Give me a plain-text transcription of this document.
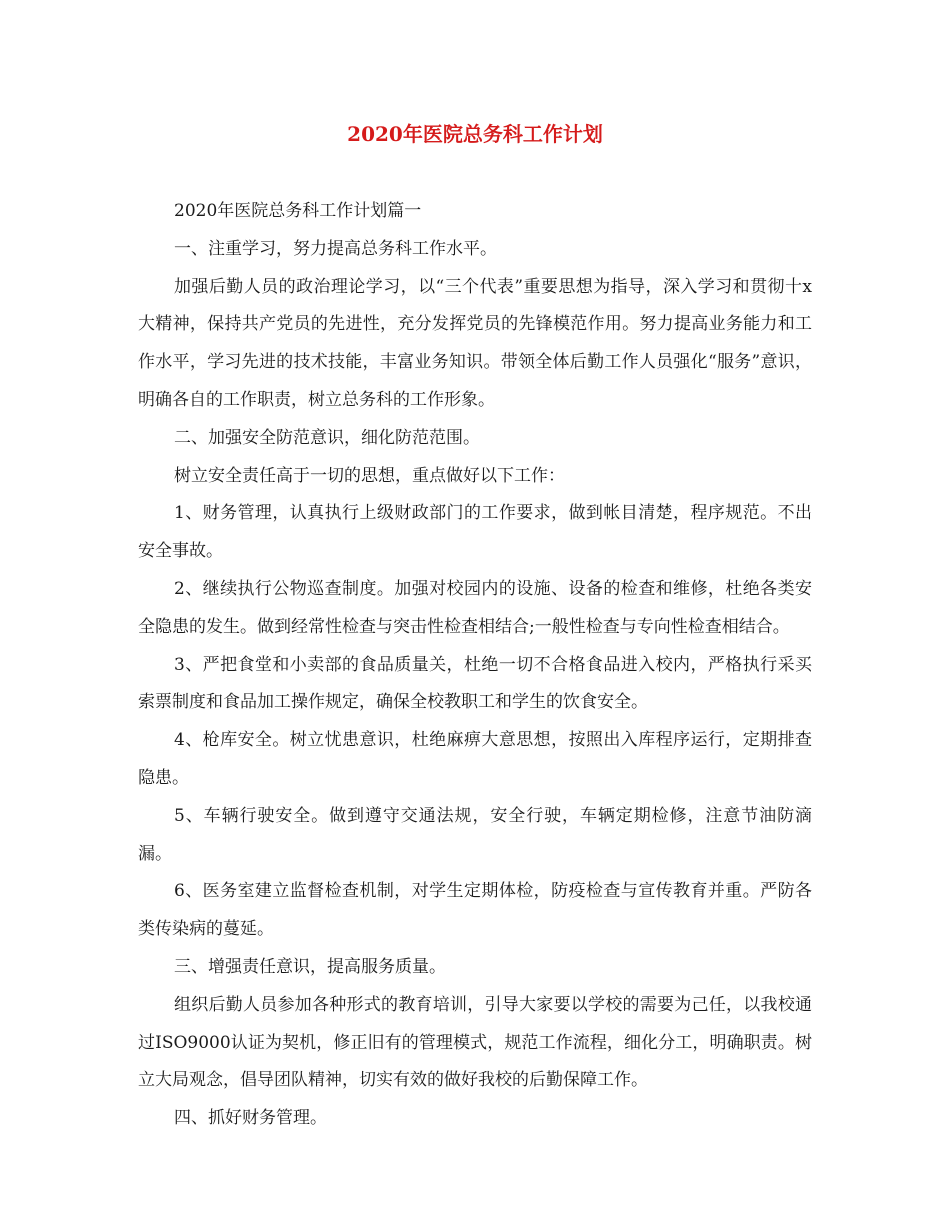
2020年医院总务科工作计划

2020年医院总务科工作计划篇一

一、注重学习，努力提高总务科工作水平。

加强后勤人员的政治理论学习，以“三个代表”重要思想为指导，深入学习和贯彻十x大精神，保持共产党员的先进性，充分发挥党员的先锋模范作用。努力提高业务能力和工作水平，学习先进的技术技能，丰富业务知识。带领全体后勤工作人员强化“服务”意识，明确各自的工作职责，树立总务科的工作形象。

二、加强安全防范意识，细化防范范围。

树立安全责任高于一切的思想，重点做好以下工作：

1、财务管理，认真执行上级财政部门的工作要求，做到帐目清楚，程序规范。不出安全事故。

2、继续执行公物巡查制度。加强对校园内的设施、设备的检查和维修，杜绝各类安全隐患的发生。做到经常性检查与突击性检查相结合;一般性检查与专向性检查相结合。

3、严把食堂和小卖部的食品质量关，杜绝一切不合格食品进入校内，严格执行采买索票制度和食品加工操作规定，确保全校教职工和学生的饮食安全。

4、枪库安全。树立忧患意识，杜绝麻痹大意思想，按照出入库程序运行，定期排查隐患。

5、车辆行驶安全。做到遵守交通法规，安全行驶，车辆定期检修，注意节油防滴漏。

6、医务室建立监督检查机制，对学生定期体检，防疫检查与宣传教育并重。严防各类传染病的蔓延。

三、增强责任意识，提高服务质量。

组织后勤人员参加各种形式的教育培训，引导大家要以学校的需要为己任，以我校通过ISO9000认证为契机，修正旧有的管理模式，规范工作流程，细化分工，明确职责。树立大局观念，倡导团队精神，切实有效的做好我校的后勤保障工作。

四、抓好财务管理。
